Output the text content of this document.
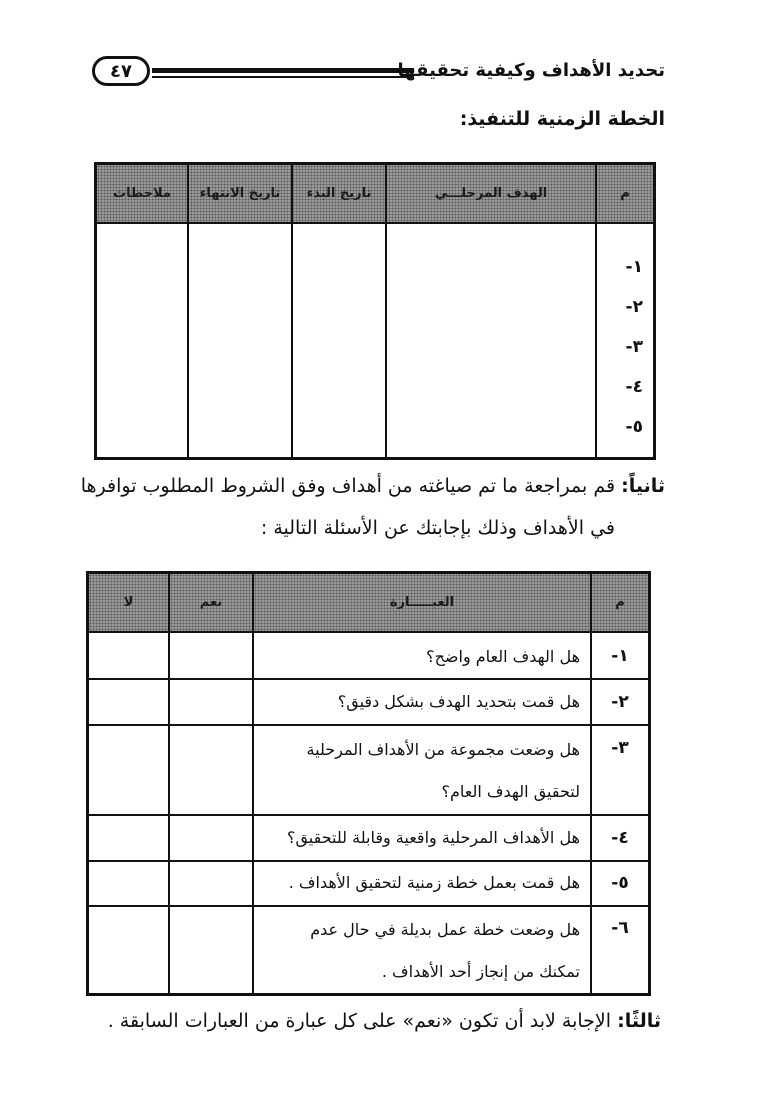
٤٧	تحديد الأهداف وكيفية تحقيقها
الخطة الزمنية للتنفيذ:
م
الهدف المرحلـــي
تاريخ البدء
تاريخ الانتهاء
ملاحظات
١-
٢-
٣-
٤-
٥-
ثانياً: قم بمراجعة ما تم صياغته من أهداف وفق الشروط المطلوب توافرها
في الأهداف وذلك بإجابتك عن الأسئلة التالية :
م
العبـــــارة
نعم
لا
١-
هل الهدف العام واضح؟
٢-
هل قمت بتحديد الهدف بشكل دقيق؟
٣-
هل وضعت مجموعة من الأهداف المرحلية
لتحقيق الهدف العام؟
٤-
هل الأهداف المرحلية واقعية وقابلة للتحقيق؟
٥-
هل قمت بعمل خطة زمنية لتحقيق الأهداف .
٦-
هل وضعت خطة عمل بديلة في حال عدم
تمكنك من إنجاز أحد الأهداف .
ثالثًا: الإجابة لابد أن تكون «نعم» على كل عبارة من العبارات السابقة .
